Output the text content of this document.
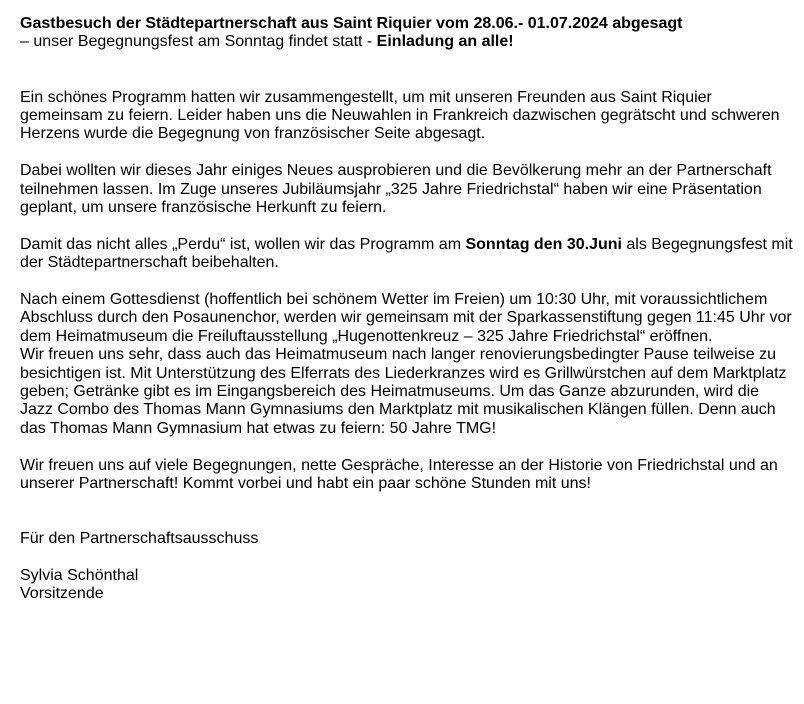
Gastbesuch der Städtepartnerschaft aus Saint Riquier vom 28.06.- 01.07.2024 abgesagt

– unser Begegnungsfest am Sonntag findet statt - Einladung an alle!

Ein schönes Programm hatten wir zusammengestellt, um mit unseren Freunden aus Saint Riquier gemeinsam zu feiern. Leider haben uns die Neuwahlen in Frankreich dazwischen gegrätscht und schweren Herzens wurde die Begegnung von französischer Seite abgesagt.

Dabei wollten wir dieses Jahr einiges Neues ausprobieren und die Bevölkerung mehr an der Partnerschaft teilnehmen lassen. Im Zuge unseres Jubiläumsjahr „325 Jahre Friedrichstal“ haben wir eine Präsentation geplant, um unsere französische Herkunft zu feiern.

Damit das nicht alles „Perdu“ ist, wollen wir das Programm am Sonntag den 30.Juni als Begegnungsfest mit der Städtepartnerschaft beibehalten.

Nach einem Gottesdienst (hoffentlich bei schönem Wetter im Freien) um 10:30 Uhr, mit voraussichtlichem Abschluss durch den Posaunenchor, werden wir gemeinsam mit der Sparkassenstiftung gegen 11:45 Uhr vor dem Heimatmuseum die Freiluftausstellung „Hugenottenkreuz – 325 Jahre Friedrichstal“ eröffnen.

Wir freuen uns sehr, dass auch das Heimatmuseum nach langer renovierungsbedingter Pause teilweise zu besichtigen ist. Mit Unterstützung des Elferrats des Liederkranzes wird es Grillwürstchen auf dem Marktplatz geben; Getränke gibt es im Eingangsbereich des Heimatmuseums. Um das Ganze abzurunden, wird die Jazz Combo des Thomas Mann Gymnasiums den Marktplatz mit musikalischen Klängen füllen. Denn auch das Thomas Mann Gymnasium hat etwas zu feiern: 50 Jahre TMG!

Wir freuen uns auf viele Begegnungen, nette Gespräche, Interesse an der Historie von Friedrichstal und an unserer Partnerschaft! Kommt vorbei und habt ein paar schöne Stunden mit uns!

Für den Partnerschaftsausschuss

Sylvia Schönthal

Vorsitzende
